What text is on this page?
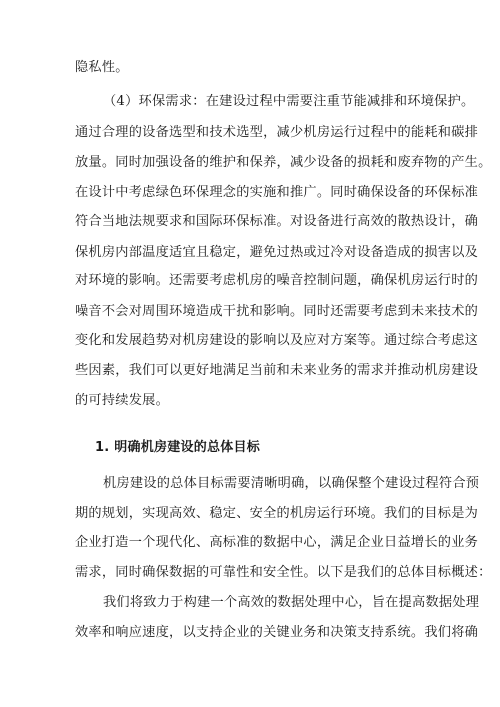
隐私性。
（4）环保需求：在建设过程中需要注重节能减排和环境保护。
通过合理的设备选型和技术选型，减少机房运行过程中的能耗和碳排
放量。同时加强设备的维护和保养，减少设备的损耗和废弃物的产生。
在设计中考虑绿色环保理念的实施和推广。同时确保设备的环保标准
符合当地法规要求和国际环保标准。对设备进行高效的散热设计，确
保机房内部温度适宜且稳定，避免过热或过冷对设备造成的损害以及
对环境的影响。还需要考虑机房的噪音控制问题，确保机房运行时的
噪音不会对周围环境造成干扰和影响。同时还需要考虑到未来技术的
变化和发展趋势对机房建设的影响以及应对方案等。通过综合考虑这
些因素，我们可以更好地满足当前和未来业务的需求并推动机房建设
的可持续发展。
1. 明确机房建设的总体目标
机房建设的总体目标需要清晰明确，以确保整个建设过程符合预
期的规划，实现高效、稳定、安全的机房运行环境。我们的目标是为
企业打造一个现代化、高标准的数据中心，满足企业日益增长的业务
需求，同时确保数据的可靠性和安全性。以下是我们的总体目标概述：
我们将致力于构建一个高效的数据处理中心，旨在提高数据处理
效率和响应速度，以支持企业的关键业务和决策支持系统。我们将确
